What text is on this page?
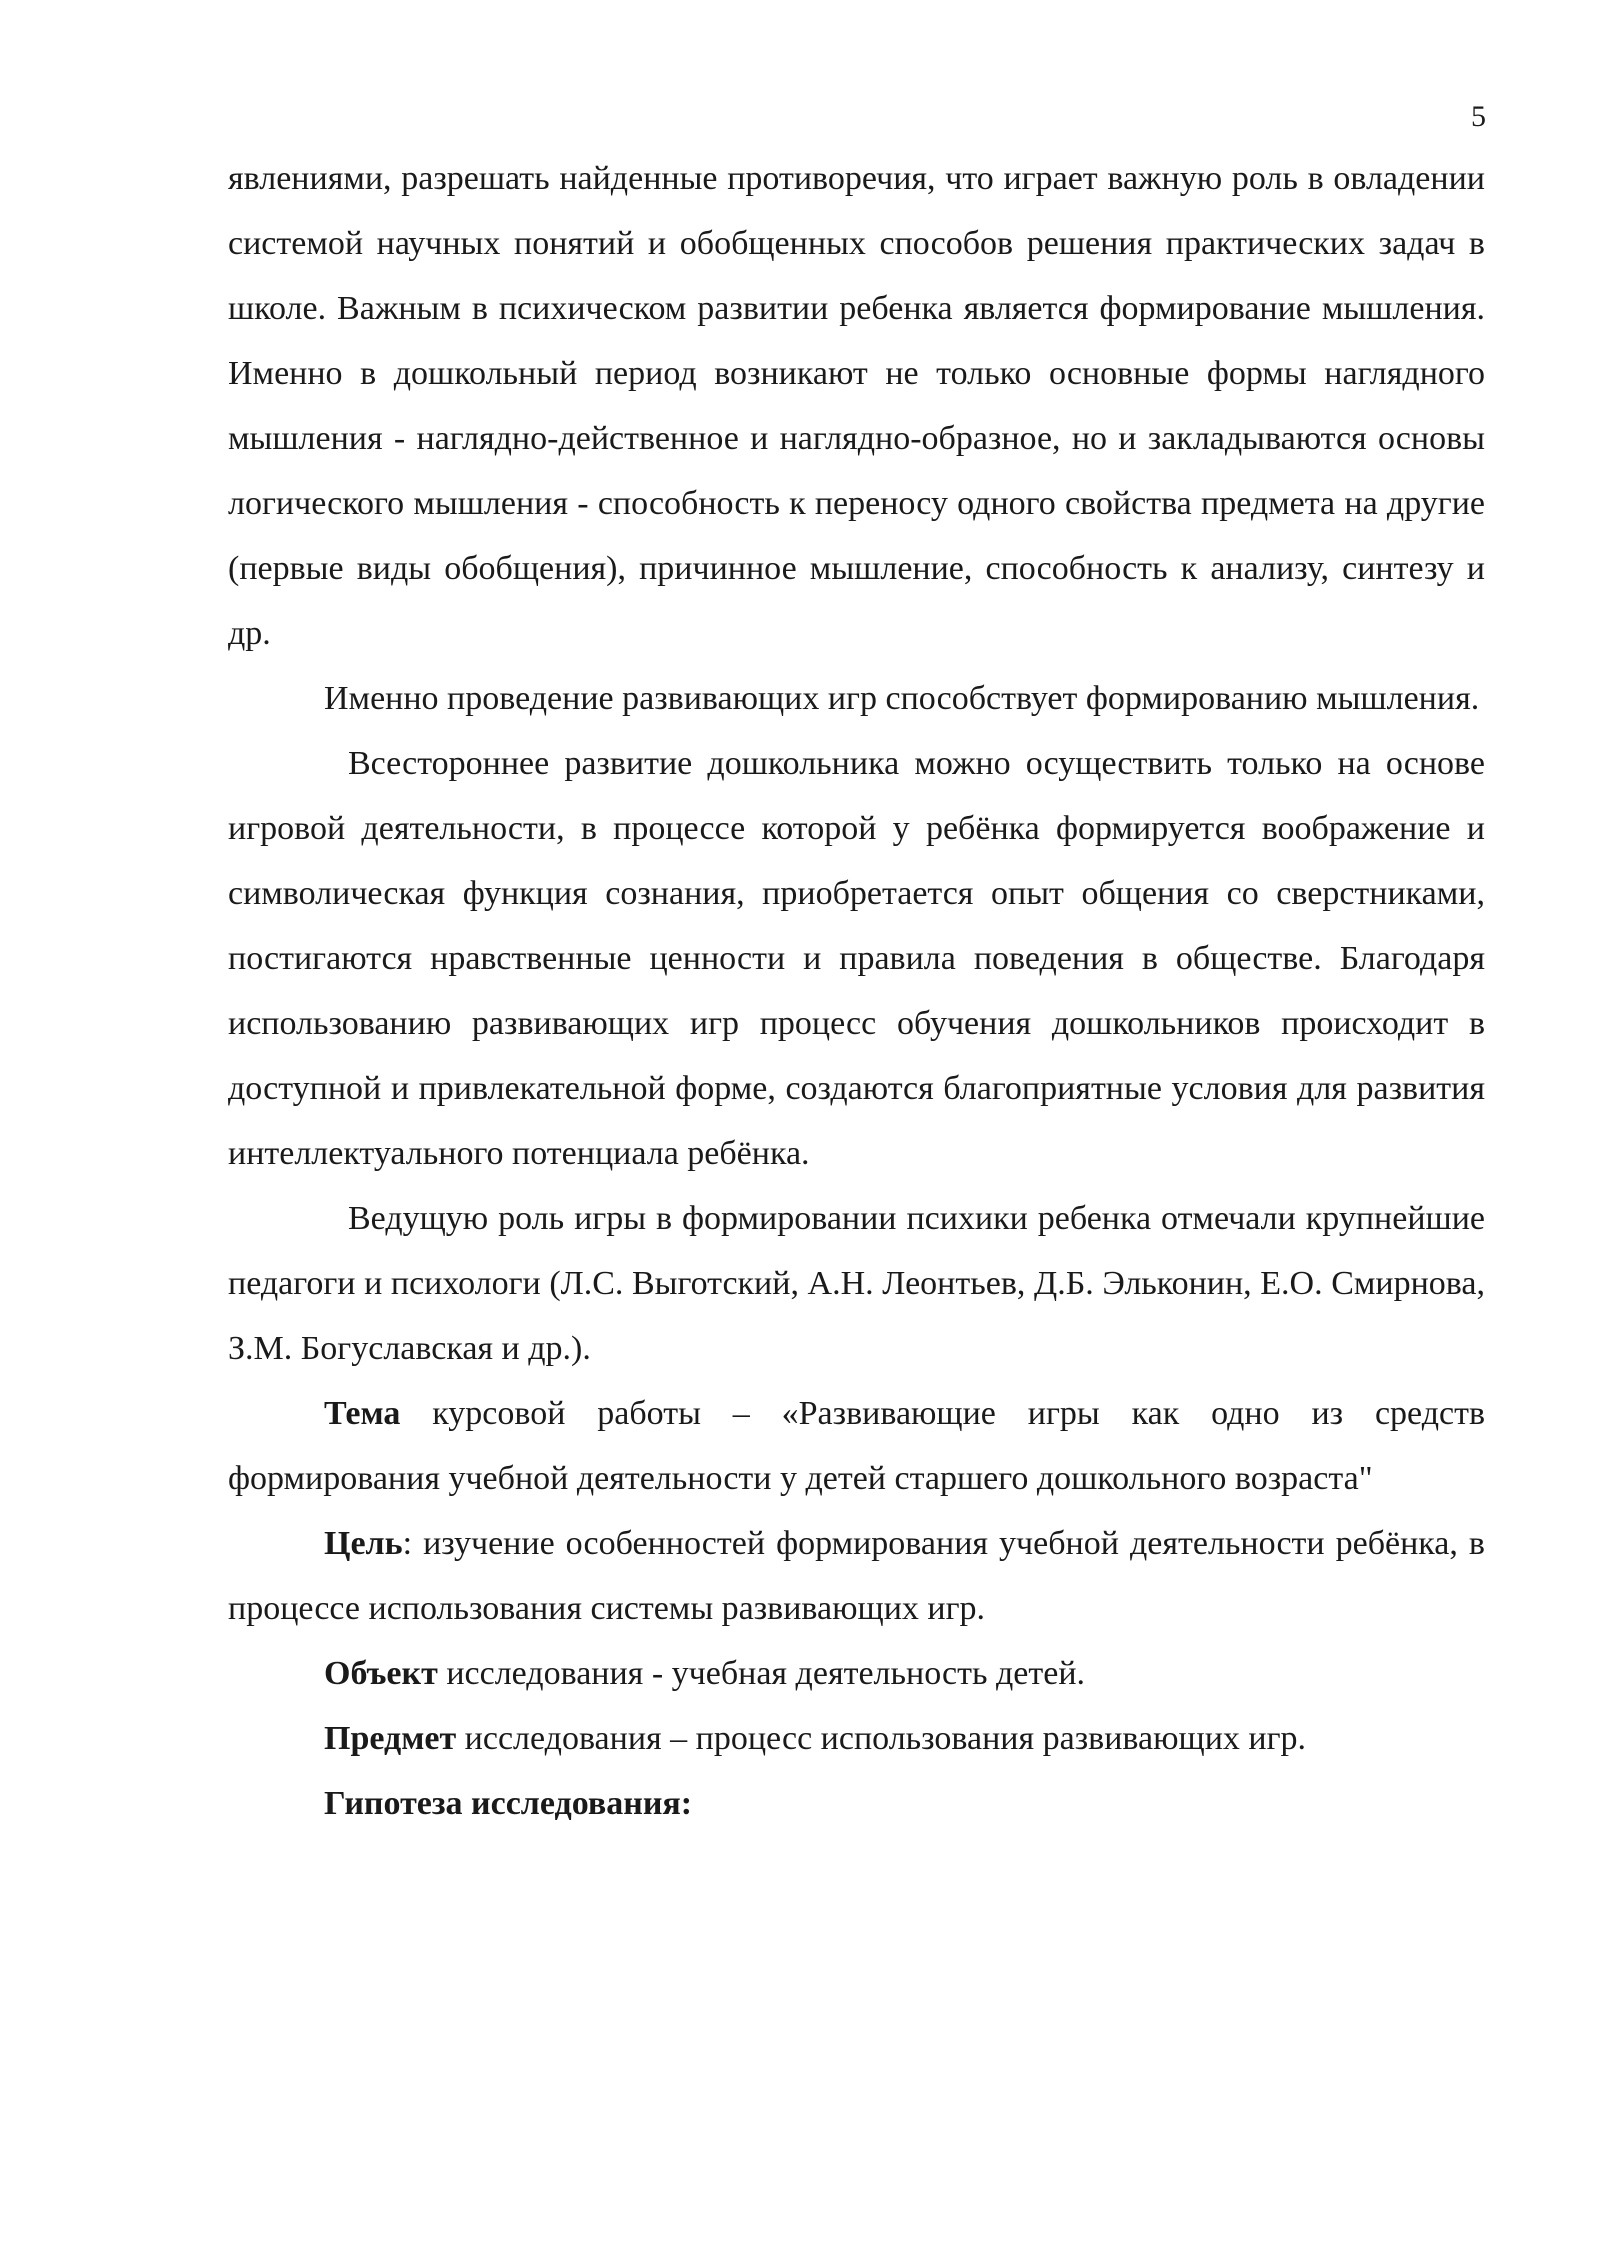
5

явлениями, разрешать найденные противоречия, что играет важную роль в овладении системой научных понятий и обобщенных способов решения практических задач в школе. Важным в психическом развитии ребенка является формирование мышления. Именно в дошкольный период возникают не только основные формы наглядного мышления - наглядно-действенное и наглядно-образное, но и закладываются основы логического мышления - способность к переносу одного свойства предмета на другие (первые виды обобщения), причинное мышление, способность к анализу, синтезу и др.

Именно проведение развивающих игр способствует формированию мышления.

Всестороннее развитие дошкольника можно осуществить только на основе игровой деятельности, в процессе которой у ребёнка формируется воображение и символическая функция сознания, приобретается опыт общения со сверстниками, постигаются нравственные ценности и правила поведения в обществе. Благодаря использованию развивающих игр процесс обучения дошкольников происходит в доступной и привлекательной форме, создаются благоприятные условия для развития интеллектуального потенциала ребёнка.

Ведущую роль игры в формировании психики ребенка отмечали крупнейшие педагоги и психологи (Л.С. Выготский, А.Н. Леонтьев, Д.Б. Эльконин, Е.О. Смирнова, З.М. Богуславская и др.).

Тема курсовой работы – «Развивающие игры как одно из средств формирования учебной деятельности у детей старшего дошкольного возраста"

Цель: изучение особенностей формирования учебной деятельности ребёнка, в процессе использования системы развивающих игр.

Объект исследования - учебная деятельность детей.

Предмет исследования – процесс использования развивающих игр.

Гипотеза исследования:
